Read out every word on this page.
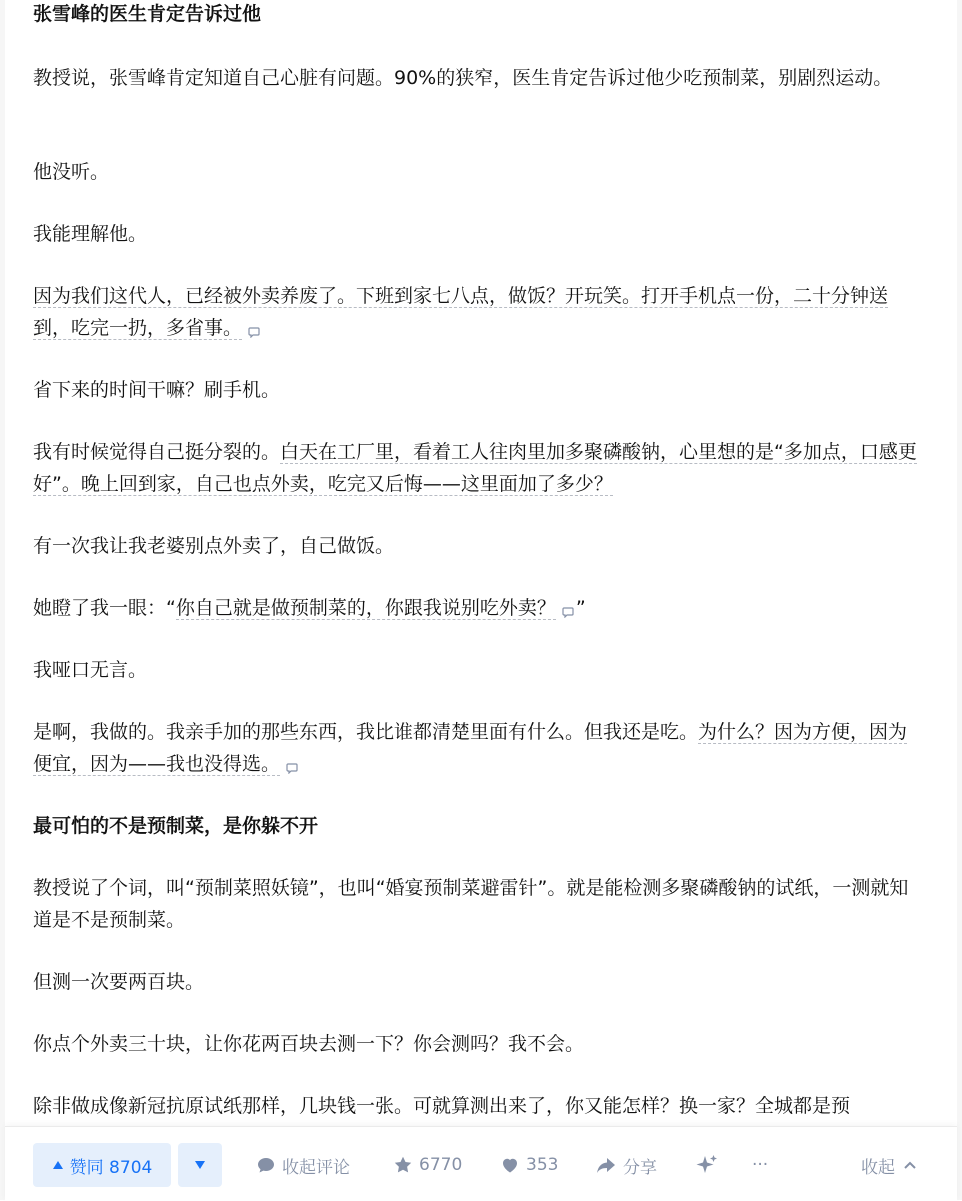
张雪峰的医生肯定告诉过他

教授说，张雪峰肯定知道自己心脏有问题。90%的狭窄，医生肯定告诉过他少吃预制菜，别剧烈运动。

他没听。

我能理解他。

因为我们这代人，已经被外卖养废了。下班到家七八点，做饭？开玩笑。打开手机点一份，二十分钟送到，吃完一扔，多省事。

省下来的时间干嘛？刷手机。

我有时候觉得自己挺分裂的。白天在工厂里，看着工人往肉里加多聚磷酸钠，心里想的是“多加点，口感更好”。晚上回到家，自己也点外卖，吃完又后悔——这里面加了多少？

有一次我让我老婆别点外卖了，自己做饭。

她瞪了我一眼：“你自己就是做预制菜的，你跟我说别吃外卖？ ”

我哑口无言。

是啊，我做的。我亲手加的那些东西，我比谁都清楚里面有什么。但我还是吃。为什么？因为方便，因为便宜，因为——我也没得选。

最可怕的不是预制菜，是你躲不开

教授说了个词，叫“预制菜照妖镜”，也叫“婚宴预制菜避雷针”。就是能检测多聚磷酸钠的试纸，一测就知道是不是预制菜。

但测一次要两百块。

你点个外卖三十块，让你花两百块去测一下？你会测吗？我不会。

除非做成像新冠抗原试纸那样，几块钱一张。可就算测出来了，你又能怎样？换一家？全城都是预

赞同 8704	收起评论	6770	353	分享	···	收起
